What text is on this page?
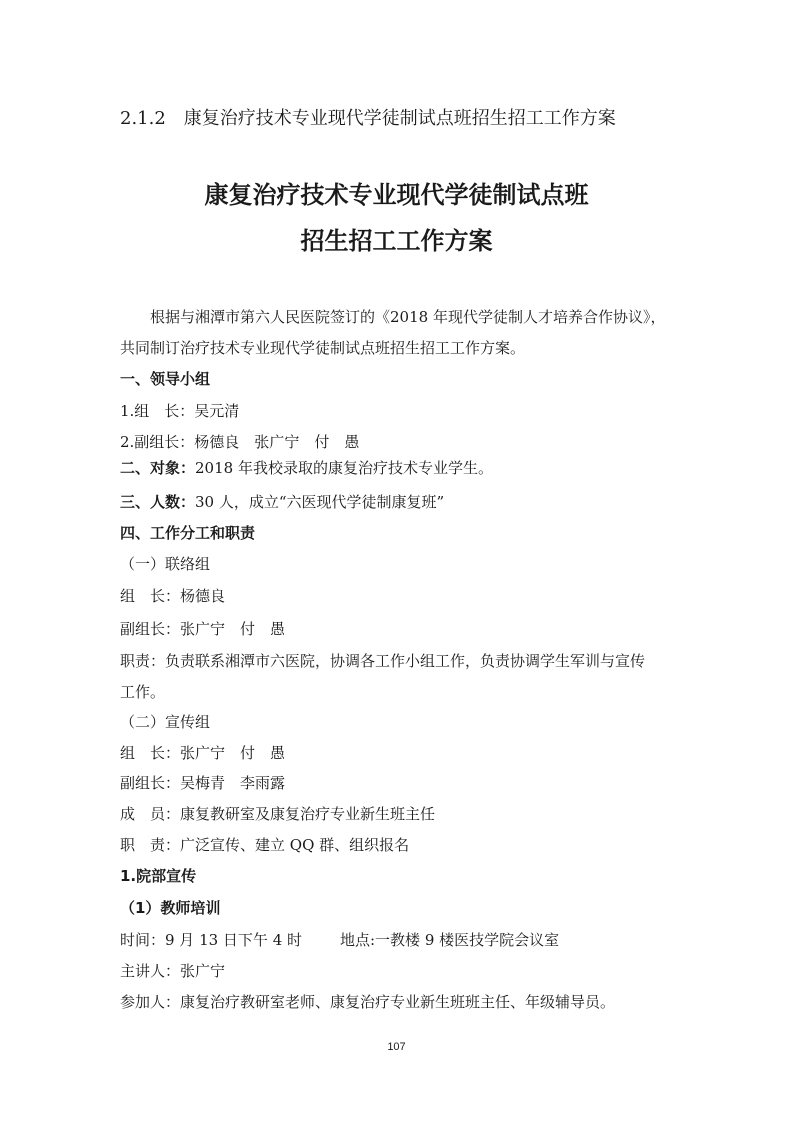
2.1.2　康复治疗技术专业现代学徒制试点班招生招工工作方案
康复治疗技术专业现代学徒制试点班
招生招工工作方案
根据与湘潭市第六人民医院签订的《2018 年现代学徒制人才培养合作协议》，
共同制订治疗技术专业现代学徒制试点班招生招工工作方案。
一、领导小组
1.组　长：吴元清
2.副组长：杨德良　张广宁　付　愚
二、对象：2018 年我校录取的康复治疗技术专业学生。
三、人数：30 人，成立“六医现代学徒制康复班”
四、工作分工和职责
（一）联络组
组　长：杨德良
副组长：张广宁　付　愚
职责：负责联系湘潭市六医院，协调各工作小组工作，负责协调学生军训与宣传
工作。
（二）宣传组
组　长：张广宁　付　愚
副组长：吴梅青　李雨露
成　员：康复教研室及康复治疗专业新生班主任
职　责：广泛宣传、建立 QQ 群、组织报名
1.院部宣传
（1）教师培训
时间：9 月 13 日下午 4 时	地点:一教楼 9 楼医技学院会议室
主讲人：张广宁
参加人：康复治疗教研室老师、康复治疗专业新生班班主任、年级辅导员。
107
